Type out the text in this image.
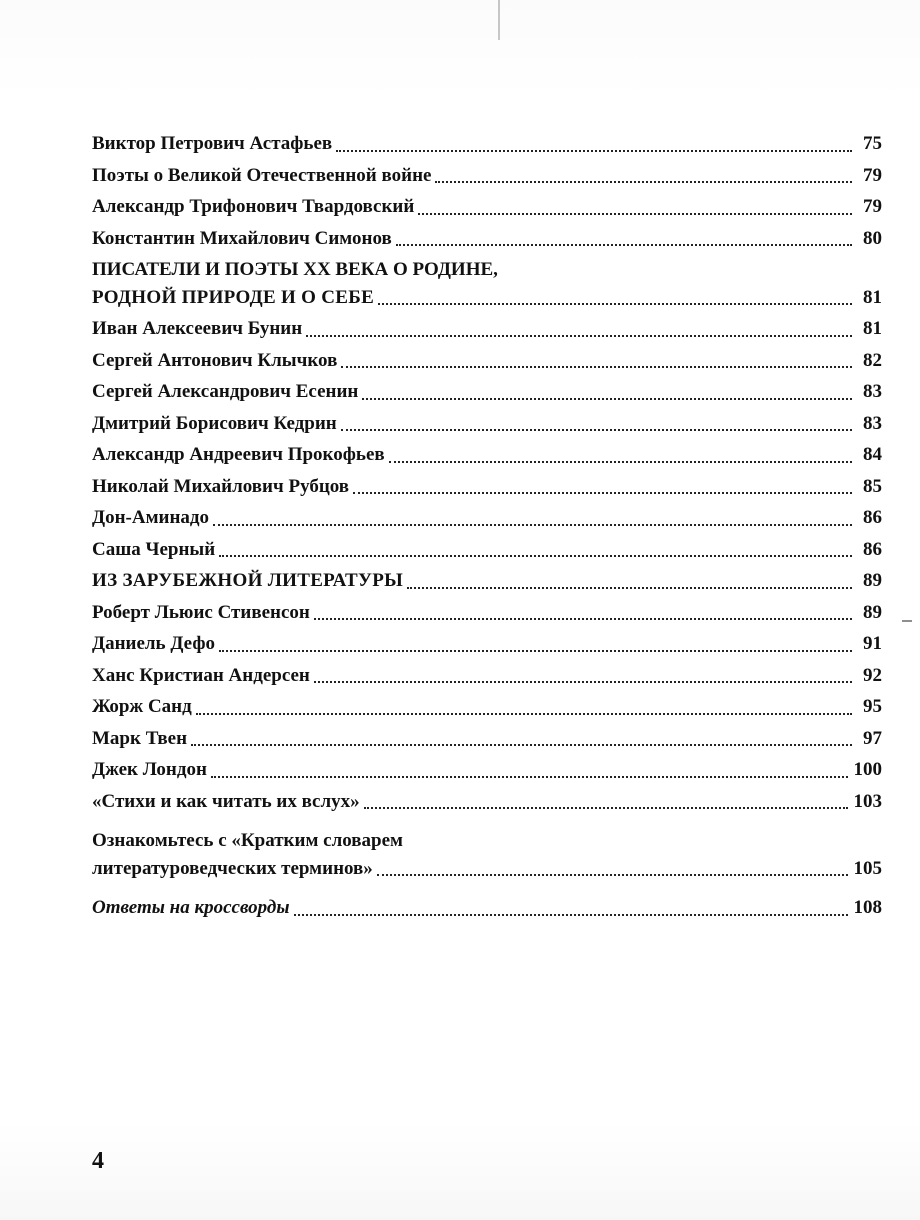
Виктор Петрович Астафьев	75
Поэты о Великой Отечественной войне	79
Александр Трифонович Твардовский	79
Константин Михайлович Симонов	80
ПИСАТЕЛИ И ПОЭТЫ XX ВЕКА О РОДИНЕ,
РОДНОЙ ПРИРОДЕ И О СЕБЕ	81
Иван Алексеевич Бунин	81
Сергей Антонович Клычков	82
Сергей Александрович Есенин	83
Дмитрий Борисович Кедрин	83
Александр Андреевич Прокофьев	84
Николай Михайлович Рубцов	85
Дон-Аминадо	86
Саша Черный	86
ИЗ ЗАРУБЕЖНОЙ ЛИТЕРАТУРЫ	89
Роберт Льюис Стивенсон	89
Даниель Дефо	91
Ханс Кристиан Андерсен	92
Жорж Санд	95
Марк Твен	97
Джек Лондон	100
«Стихи и как читать их вслух»	103
Ознакомьтесь с «Кратким словарем
литературоведческих терминов»	105
Ответы на кроссворды	108
4
